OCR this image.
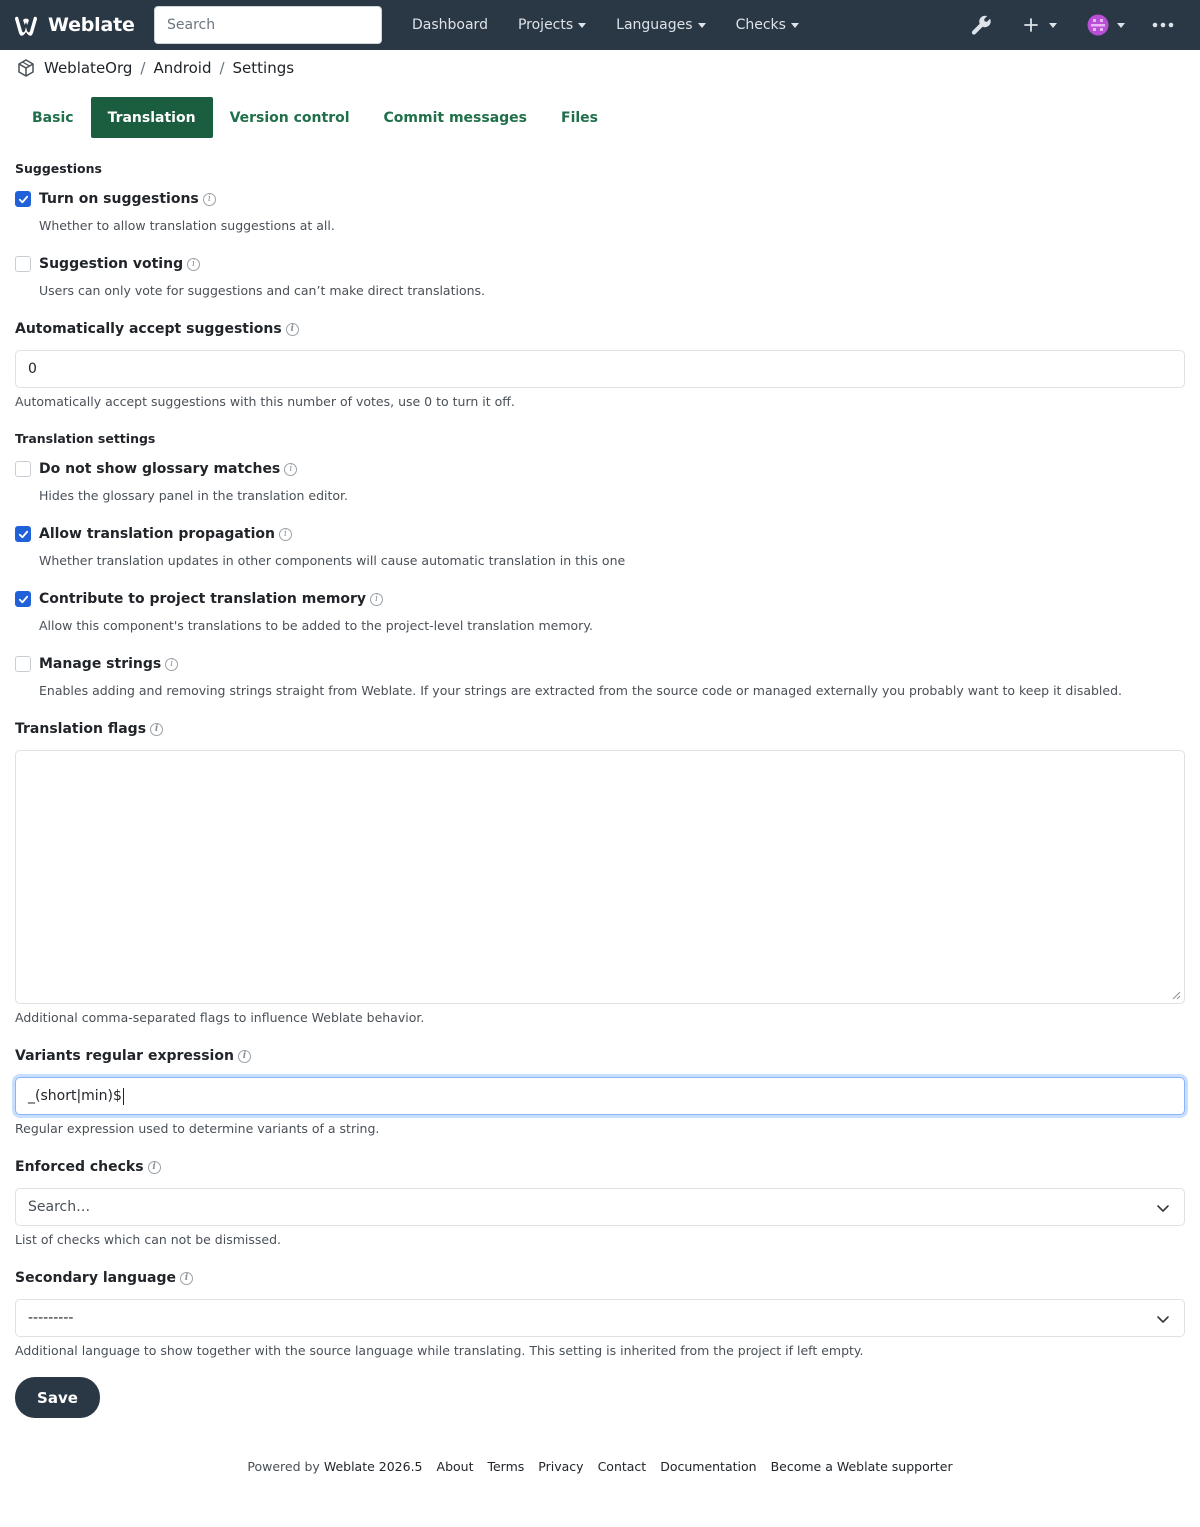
Weblate
Search	Dashboard Projects	Languages	Checks
WeblateOrg / Android / Settings
Basic	Translation	Version control	Commit messages	Files
Suggestions
Turn on suggestions	i
Whether to allow translation suggestions at all.
Suggestion voting	i
Users can only vote for suggestions and can’t make direct translations.
Automatically accept suggestions i
0
Automatically accept suggestions with this number of votes, use 0 to turn it off.
Translation settings
Do not show glossary matches	i
Hides the glossary panel in the translation editor.
Allow translation propagation	i
Whether translation updates in other components will cause automatic translation in this one
Contribute to project translation memory	i
Allow this component's translations to be added to the project-level translation memory.
Manage strings	i
Enables adding and removing strings straight from Weblate. If your strings are extracted from the source code or managed externally you probably want to keep it disabled.
Translation flags i
Additional comma-separated flags to influence Weblate behavior.
Variants regular expression i
_(short|min)$
Regular expression used to determine variants of a string.
Enforced checks i
Search…
List of checks which can not be dismissed.
Secondary language i
---------
Additional language to show together with the source language while translating. This setting is inherited from the project if left empty.
Save
Powered by Weblate 2026.5 About Terms Privacy Contact Documentation Become a Weblate supporter
